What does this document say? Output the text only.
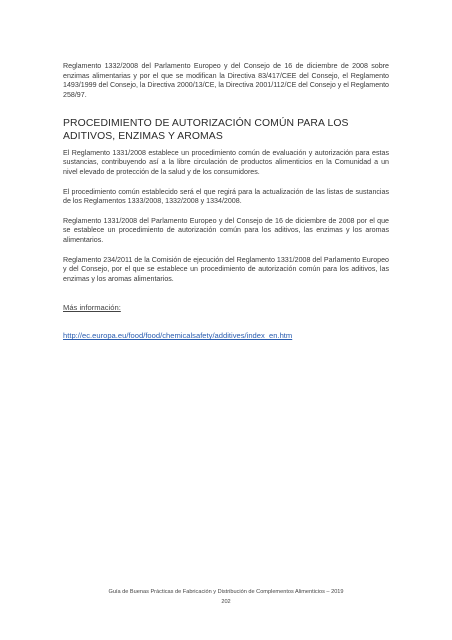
Reglamento 1332/2008 del Parlamento Europeo y del Consejo de 16 de diciembre de 2008 sobre enzimas alimentarias y por el que se modifican la Directiva 83/417/CEE del Consejo, el Reglamento 1493/1999 del Consejo, la Directiva 2000/13/CE, la Directiva 2001/112/CE del Consejo y el Reglamento 258/97.

PROCEDIMIENTO DE AUTORIZACIÓN COMÚN PARA LOS ADITIVOS, ENZIMAS Y AROMAS

El Reglamento 1331/2008 establece un procedimiento común de evaluación y autorización para estas sustancias, contribuyendo así a la libre circulación de productos alimenticios en la Comunidad a un nivel elevado de protección de la salud y de los consumidores.

El procedimiento común establecido será el que regirá para la actualización de las listas de sustancias de los Reglamentos 1333/2008, 1332/2008 y 1334/2008.

Reglamento 1331/2008 del Parlamento Europeo y del Consejo de 16 de diciembre de 2008 por el que se establece un procedimiento de autorización común para los aditivos, las enzimas y los aromas alimentarios.

Reglamento 234/2011 de la Comisión de ejecución del Reglamento 1331/2008 del Parlamento Europeo y del Consejo, por el que se establece un procedimiento de autorización común para los aditivos, las enzimas y los aromas alimentarios.

Más información:
http://ec.europa.eu/food/food/chemicalsafety/additives/index_en.htm
Guía de Buenas Prácticas de Fabricación y Distribución de Complementos Alimenticios – 2019
202
